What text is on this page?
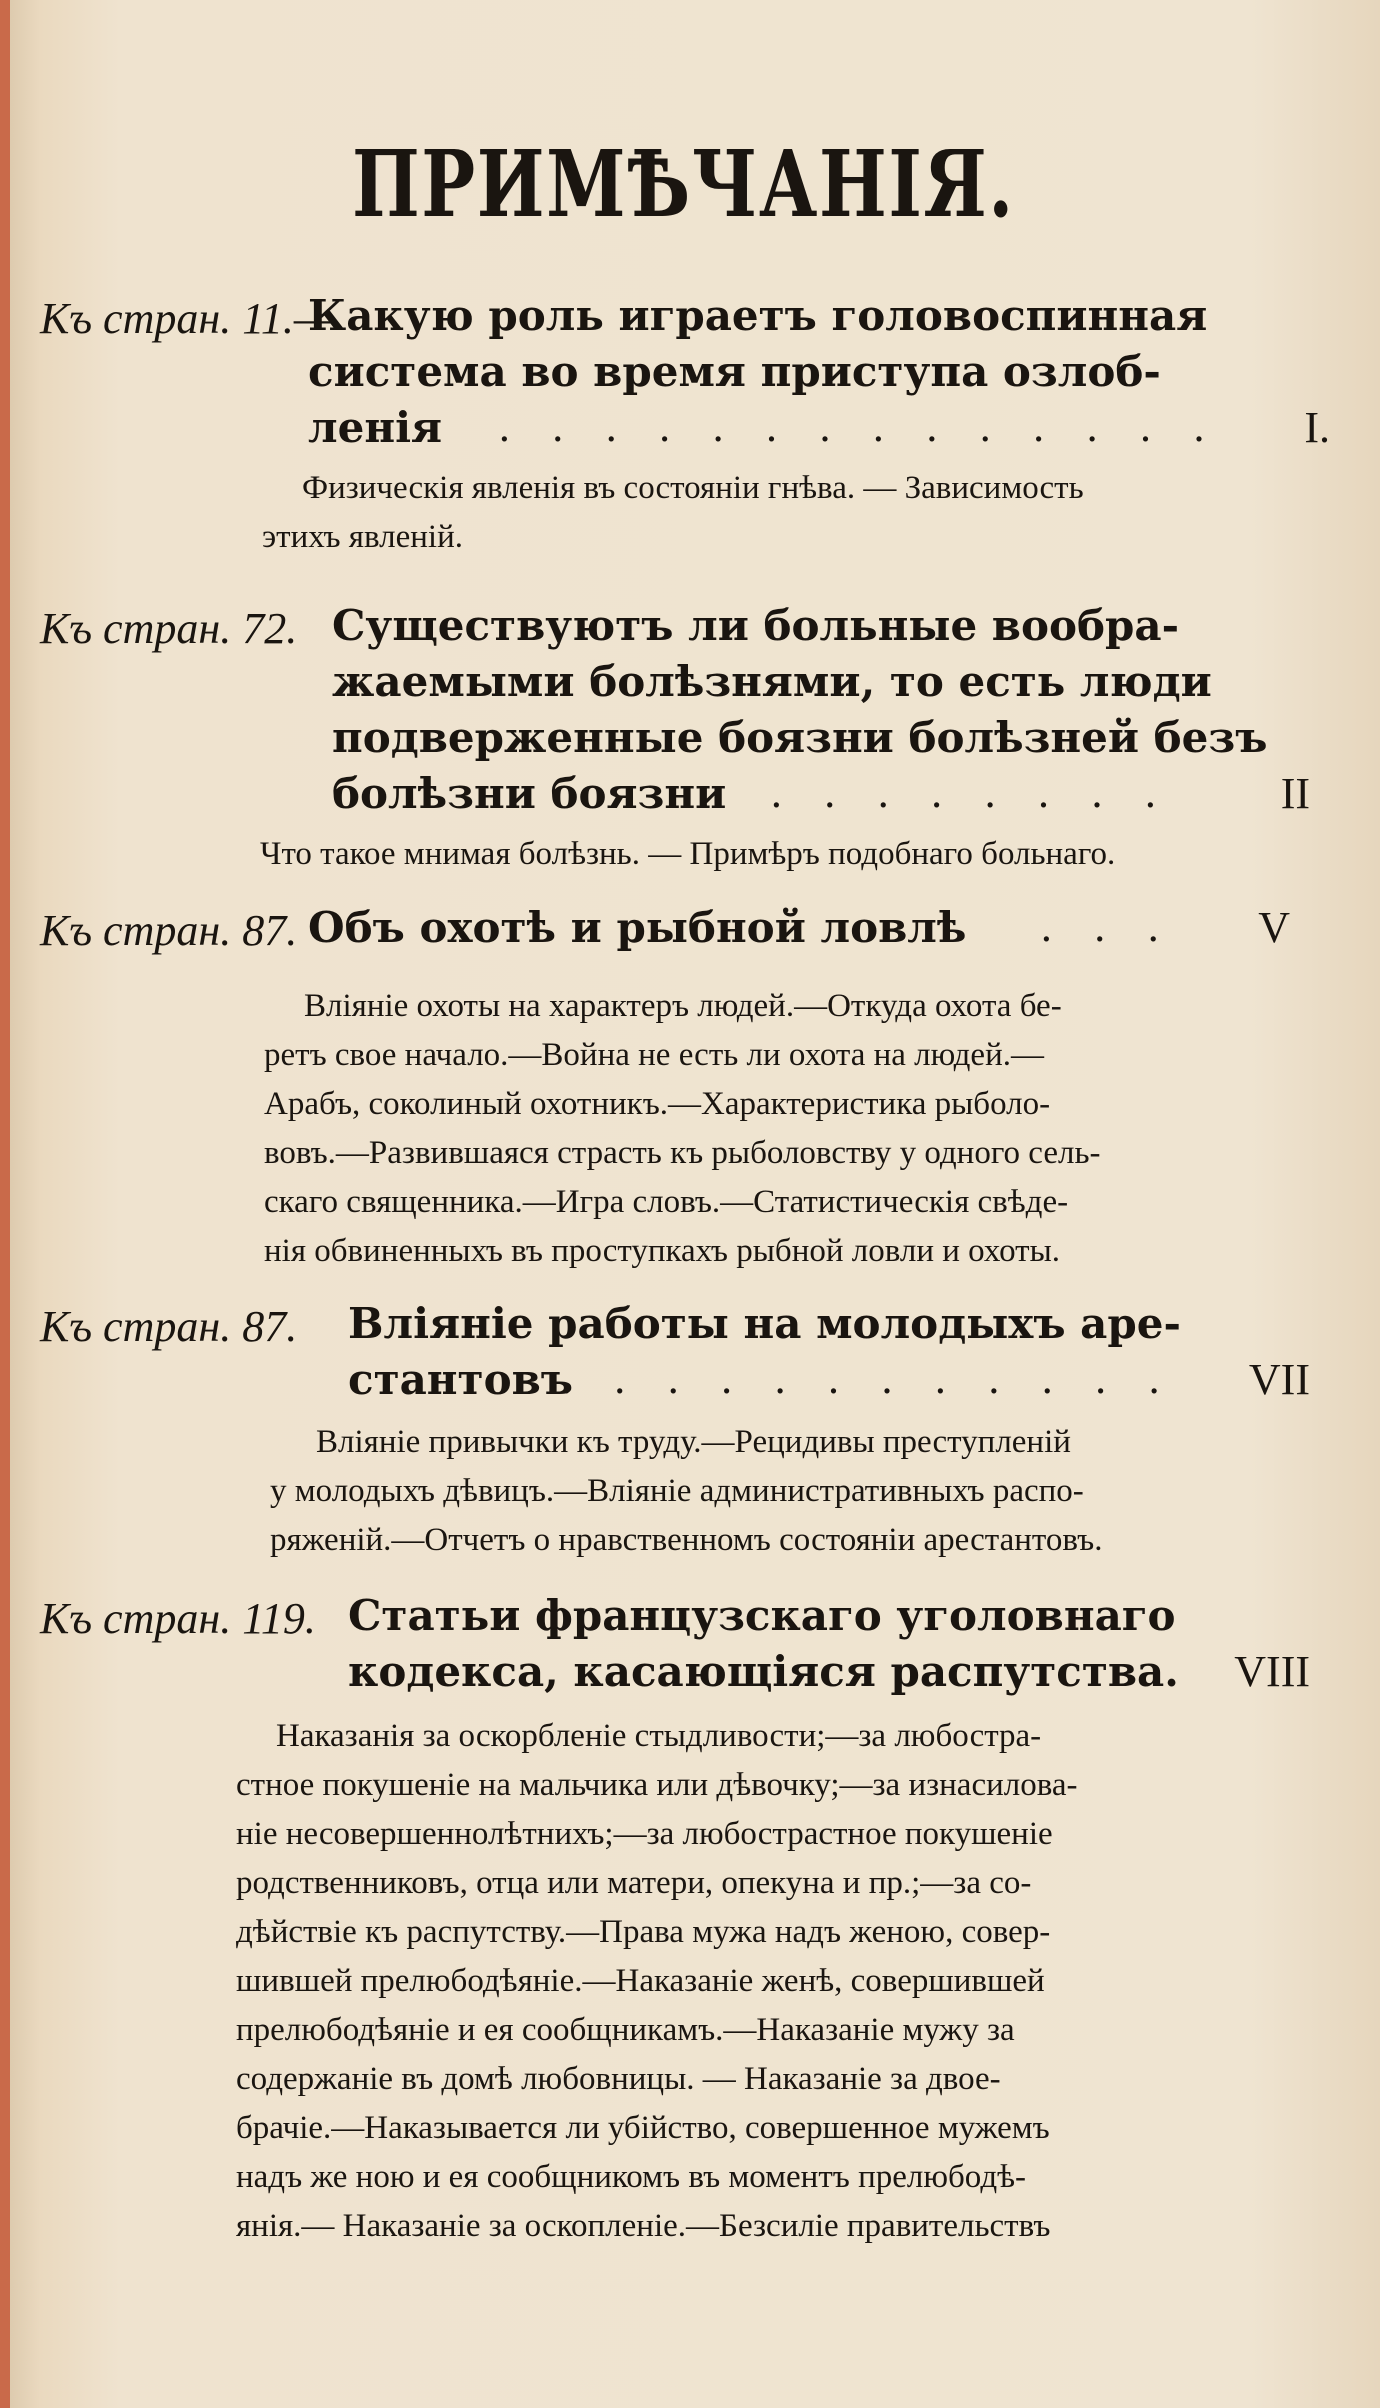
ПРИМѢЧАНІЯ.
Къ стран. 11.—
Какую роль играетъ головоспинная
система во время приступа озлоб-
ленія	. . . . . . . . . . . . . . I.
Физическія явленія въ состояніи гнѣва. — Зависимость
этихъ явленій.
Къ стран. 72. Существуютъ ли больные вообра-
жаемыми болѣзнями, то есть люди
подверженные боязни болѣзней безъ
болѣзни боязни	. . . . . . . . II
Что такое мнимая болѣзнь. — Примѣръ подобнаго больнаго.
Къ стран. 87. Объ охотѣ и рыбной ловлѣ . . . V
Вліяніе охоты на характеръ людей.—Откуда охота бе-
ретъ свое начало.—Война не есть ли охота на людей.—
Арабъ, соколиный охотникъ.—Характеристика рыболо-
вовъ.—Развившаяся страсть къ рыболовству у одного сель-
скаго священника.—Игра словъ.—Статистическія свѣде-
нія обвиненныхъ въ проступкахъ рыбной ловли и охоты.
Къ стран. 87. Вліяніе работы на молодыхъ аре-
стантовъ
. . . . . . . . . . . . VII
Вліяніе привычки къ труду.—Рецидивы преступленій
у молодыхъ дѣвицъ.—Вліяніе административныхъ распо-
ряженій.—Отчетъ о нравственномъ состояніи арестантовъ.
Къ стран. 119. Статьи французскаго уголовнаго
кодекса, касающіяся распутства. VIII
Наказанія за оскорбленіе стыдливости;—за любостра-
стное покушеніе на мальчика или дѣвочку;—за изнасилова-
ніе несовершеннолѣтнихъ;—за любострастное покушеніе
родственниковъ, отца или матери, опекуна и пр.;—за со-
дѣйствіе къ распутству.—Права мужа надъ женою, совер-
шившей прелюбодѣяніе.—Наказаніе женѣ, совершившей
прелюбодѣяніе и ея сообщникамъ.—Наказаніе мужу за
содержаніе въ домѣ любовницы. — Наказаніе за двое-
брачіе.—Наказывается ли убійство, совершенное мужемъ
надъ же ною и ея сообщникомъ въ моментъ прелюбодѣ-
янія.— Наказаніе за оскопленіе.—Безсиліе правительствъ
